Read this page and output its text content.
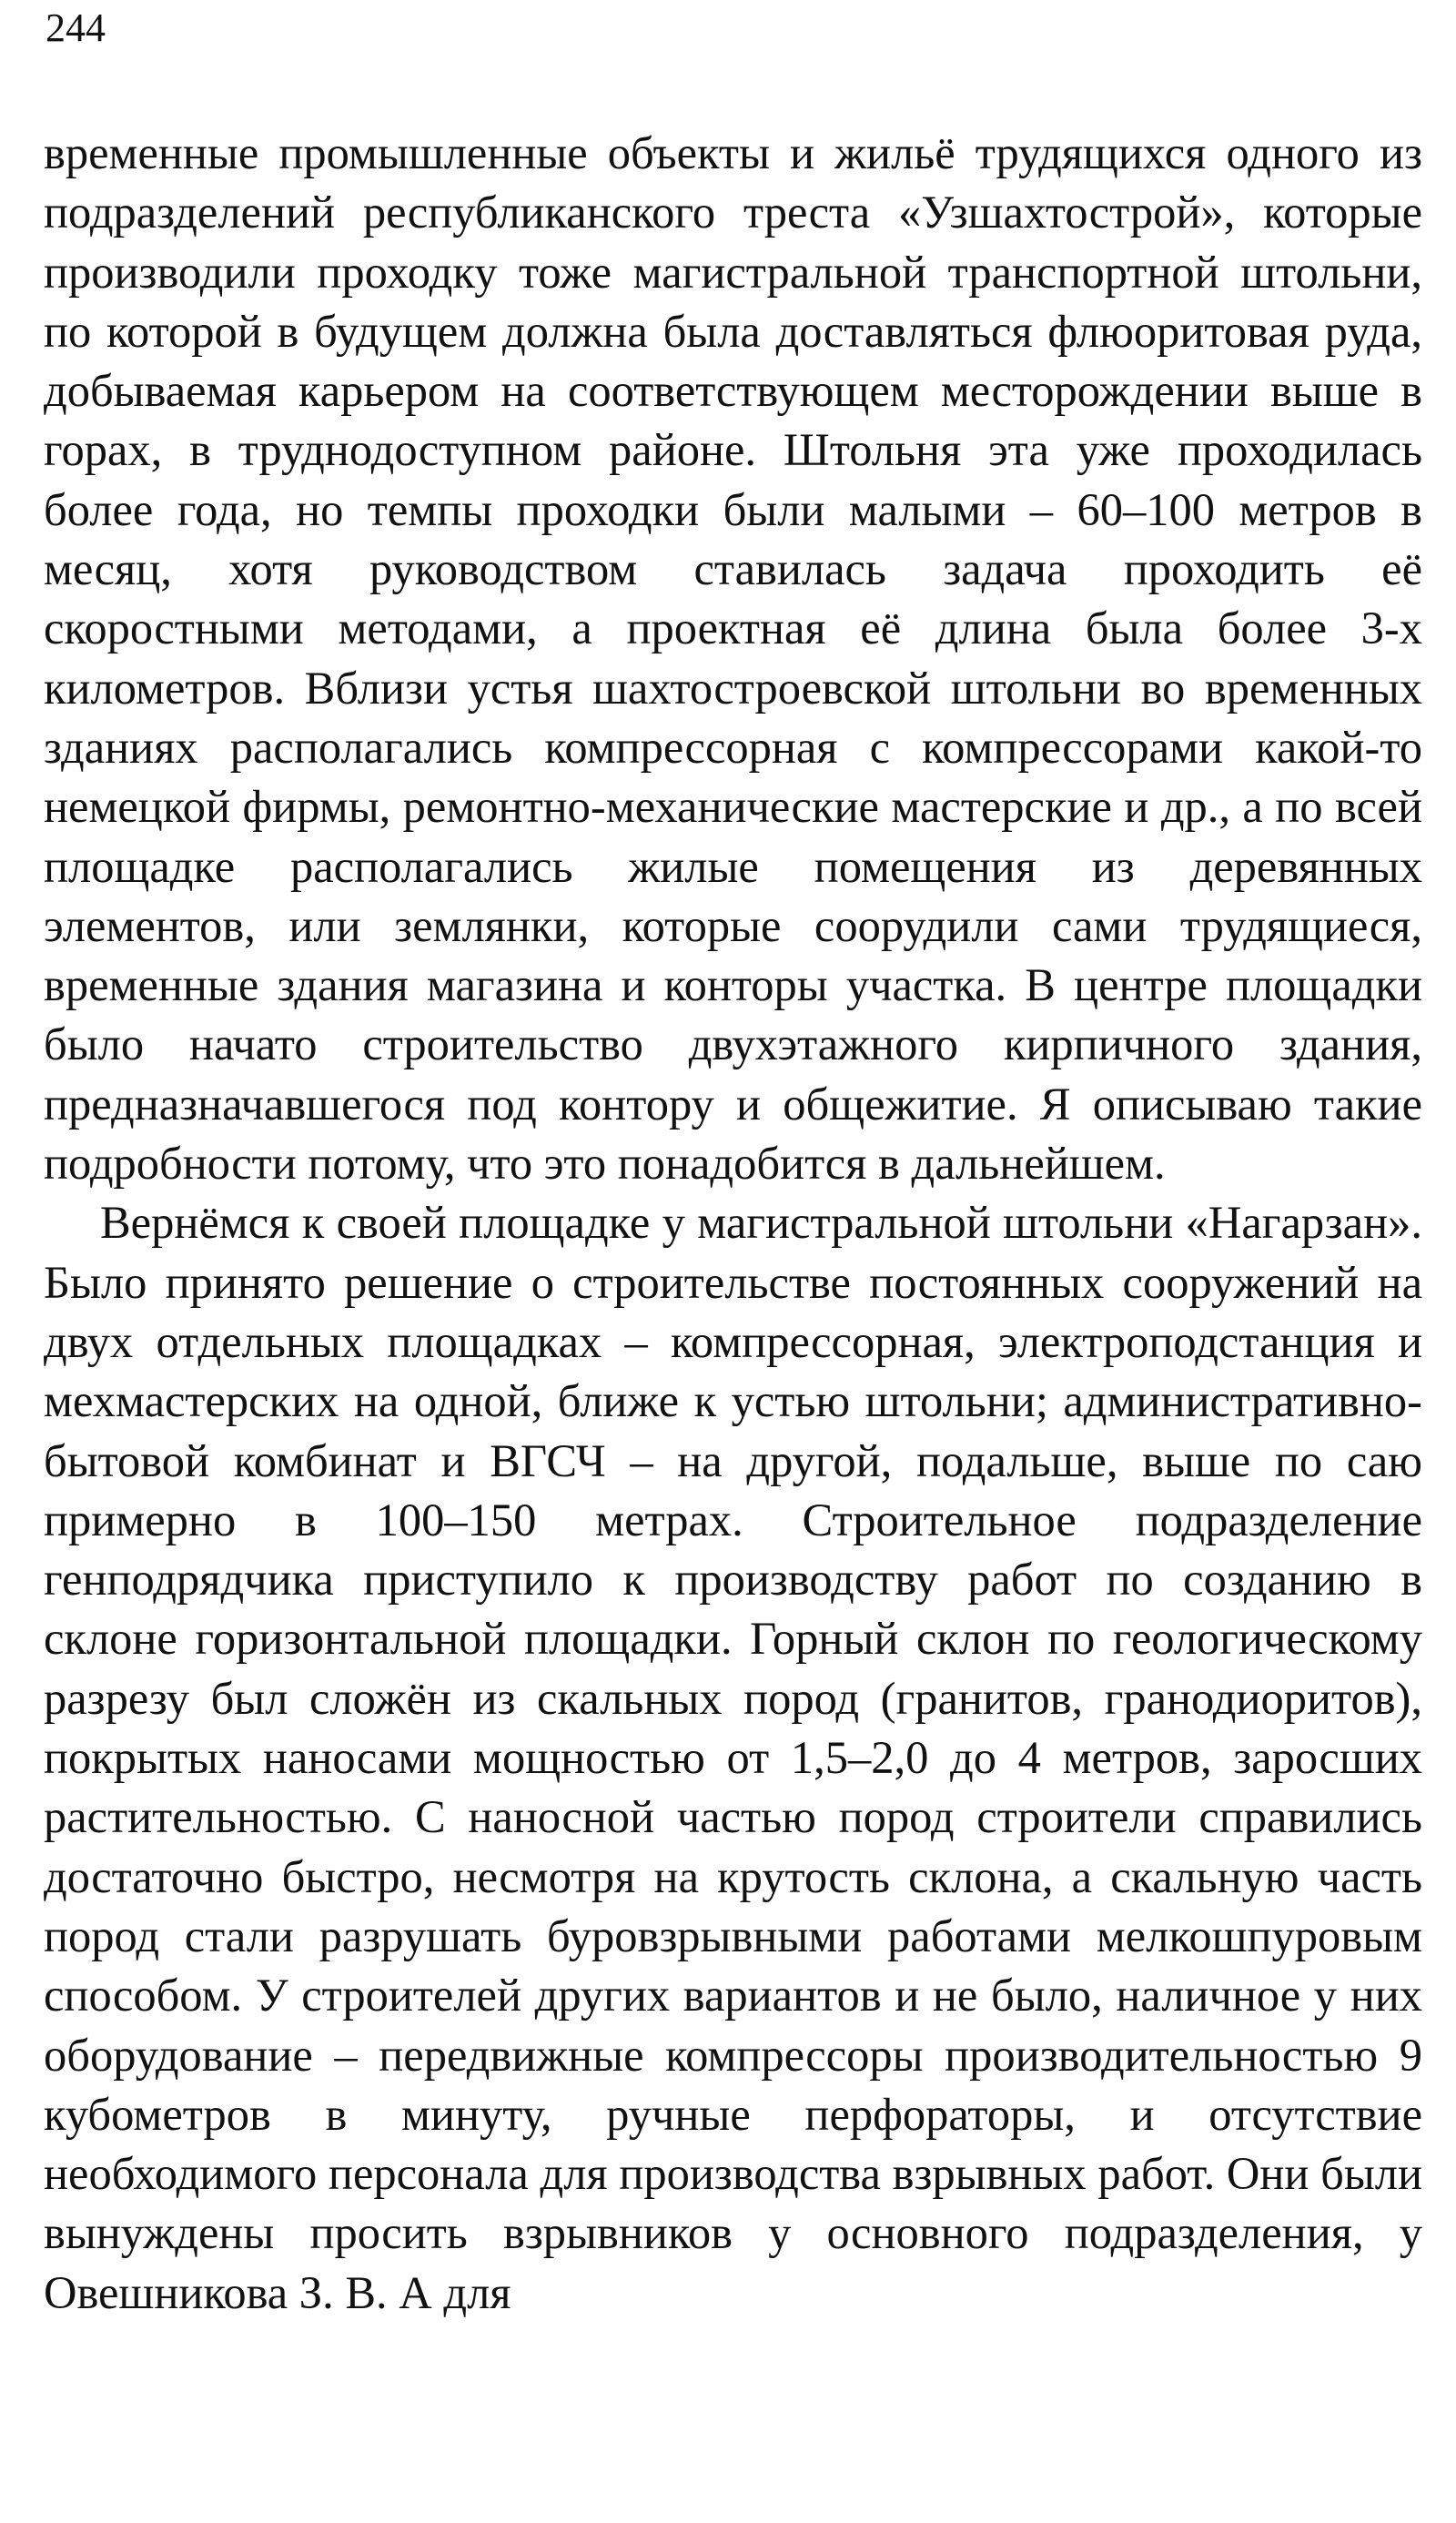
244

временные промышленные объекты и жильё трудящихся одного из подразделений республиканского треста «Узшахтострой», которые производили проходку тоже магистральной транспортной штольни, по которой в будущем должна была доставляться флюоритовая руда, добываемая карьером на соответствующем месторождении выше в горах, в труднодоступном районе. Штольня эта уже проходилась более года, но темпы проходки были малыми – 60–100 метров в месяц, хотя руководством ставилась задача проходить её скоростными методами, а проектная её длина была более 3-х километров. Вблизи устья шахтостроевской штольни во временных зданиях располагались компрессорная с компрессорами какой-то немецкой фирмы, ремонтно-механические мастерские и др., а по всей площадке располагались жилые помещения из деревянных элементов, или землянки, которые соорудили сами трудящиеся, временные здания магазина и конторы участка. В центре площадки было начато строительство двухэтажного кирпичного здания, предназначавшегося под контору и общежитие. Я описываю такие подробности потому, что это понадобится в дальнейшем.

Вернёмся к своей площадке у магистральной штольни «Нагарзан». Было принято решение о строительстве постоянных сооружений на двух отдельных площадках – компрессорная, электроподстанция и мехмастерских на одной, ближе к устью штольни; административно-бытовой комбинат и ВГСЧ – на другой, подальше, выше по саю примерно в 100–150 метрах. Строительное подразделение генподрядчика приступило к производству работ по созданию в склоне горизонтальной площадки. Горный склон по геологическому разрезу был сложён из скальных пород (гранитов, гранодиоритов), покрытых наносами мощностью от 1,5–2,0 до 4 метров, заросших растительностью. С наносной частью пород строители справились достаточно быстро, несмотря на крутость склона, а скальную часть пород стали разрушать буровзрывными работами мелкошпуровым способом. У строителей других вариантов и не было, наличное у них оборудование – передвижные компрессоры производительностью 9 кубометров в минуту, ручные перфораторы, и отсутствие необходимого персонала для производства взрывных работ. Они были вынуждены просить взрывников у основного подразделения, у Овешникова З. В. А для
